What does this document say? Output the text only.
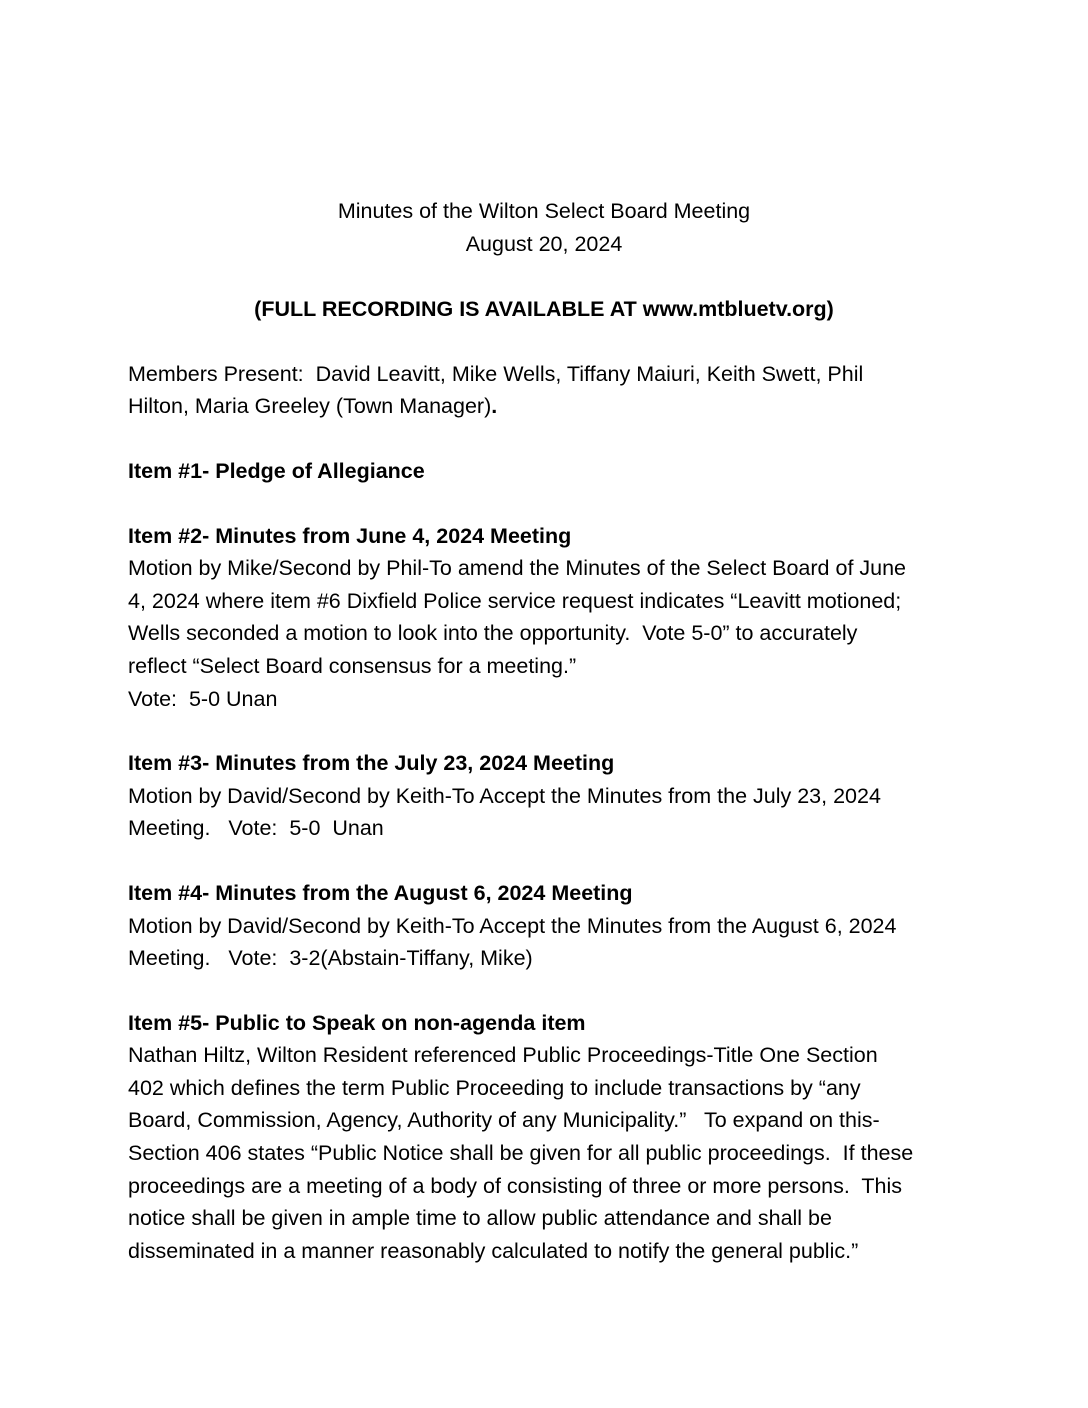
Minutes of the Wilton Select Board Meeting
August 20, 2024
(FULL RECORDING IS AVAILABLE AT www.mtbluetv.org)
Members Present:  David Leavitt, Mike Wells, Tiffany Maiuri, Keith Swett, Phil
Hilton, Maria Greeley (Town Manager).
Item #1- Pledge of Allegiance
Item #2- Minutes from June 4, 2024 Meeting
Motion by Mike/Second by Phil-To amend the Minutes of the Select Board of June
4, 2024 where item #6 Dixfield Police service request indicates “Leavitt motioned;
Wells seconded a motion to look into the opportunity.  Vote 5-0” to accurately
reflect “Select Board consensus for a meeting.”
Vote:  5-0 Unan
Item #3- Minutes from the July 23, 2024 Meeting
Motion by David/Second by Keith-To Accept the Minutes from the July 23, 2024
Meeting.   Vote:  5-0  Unan
Item #4- Minutes from the August 6, 2024 Meeting
Motion by David/Second by Keith-To Accept the Minutes from the August 6, 2024
Meeting.   Vote:  3-2(Abstain-Tiffany, Mike)
Item #5- Public to Speak on non-agenda item
Nathan Hiltz, Wilton Resident referenced Public Proceedings-Title One Section
402 which defines the term Public Proceeding to include transactions by “any
Board, Commission, Agency, Authority of any Municipality.”   To expand on this-
Section 406 states “Public Notice shall be given for all public proceedings.  If these
proceedings are a meeting of a body of consisting of three or more persons.  This
notice shall be given in ample time to allow public attendance and shall be
disseminated in a manner reasonably calculated to notify the general public.”
